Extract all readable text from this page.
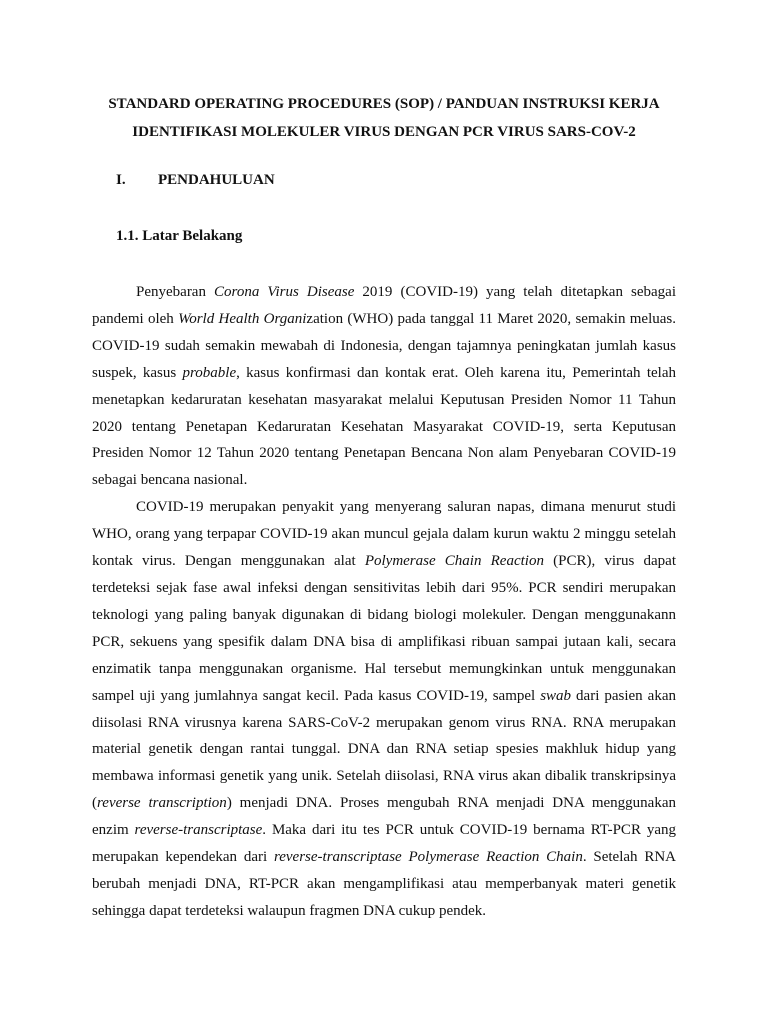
STANDARD OPERATING PROCEDURES (SOP) / PANDUAN INSTRUKSI KERJA
IDENTIFIKASI MOLEKULER VIRUS DENGAN PCR VIRUS SARS-COV-2
I. PENDAHULUAN
1.1. Latar Belakang

Penyebaran Corona Virus Disease 2019 (COVID-19) yang telah ditetapkan sebagai pandemi oleh World Health Organization (WHO) pada tanggal 11 Maret 2020, semakin meluas. COVID-19 sudah semakin mewabah di Indonesia, dengan tajamnya peningkatan jumlah kasus suspek, kasus probable, kasus konfirmasi dan kontak erat. Oleh karena itu, Pemerintah telah menetapkan kedaruratan kesehatan masyarakat melalui Keputusan Presiden Nomor 11 Tahun 2020 tentang Penetapan Kedaruratan Kesehatan Masyarakat COVID-19, serta Keputusan Presiden Nomor 12 Tahun 2020 tentang Penetapan Bencana Non alam Penyebaran COVID-19 sebagai bencana nasional.

COVID-19 merupakan penyakit yang menyerang saluran napas, dimana menurut studi WHO, orang yang terpapar COVID-19 akan muncul gejala dalam kurun waktu 2 minggu setelah kontak virus. Dengan menggunakan alat Polymerase Chain Reaction (PCR), virus dapat terdeteksi sejak fase awal infeksi dengan sensitivitas lebih dari 95%. PCR sendiri merupakan teknologi yang paling banyak digunakan di bidang biologi molekuler. Dengan menggunakann PCR, sekuens yang spesifik dalam DNA bisa di amplifikasi ribuan sampai jutaan kali, secara enzimatik tanpa menggunakan organisme. Hal tersebut memungkinkan untuk menggunakan sampel uji yang jumlahnya sangat kecil. Pada kasus COVID-19, sampel swab dari pasien akan diisolasi RNA virusnya karena SARS-CoV-2 merupakan genom virus RNA. RNA merupakan material genetik dengan rantai tunggal. DNA dan RNA setiap spesies makhluk hidup yang membawa informasi genetik yang unik. Setelah diisolasi, RNA virus akan dibalik transkripsinya (reverse transcription) menjadi DNA. Proses mengubah RNA menjadi DNA menggunakan enzim reverse-transcriptase. Maka dari itu tes PCR untuk COVID-19 bernama RT-PCR yang merupakan kependekan dari reverse-transcriptase Polymerase Reaction Chain. Setelah RNA berubah menjadi DNA, RT-PCR akan mengamplifikasi atau memperbanyak materi genetik sehingga dapat terdeteksi walaupun fragmen DNA cukup pendek.
